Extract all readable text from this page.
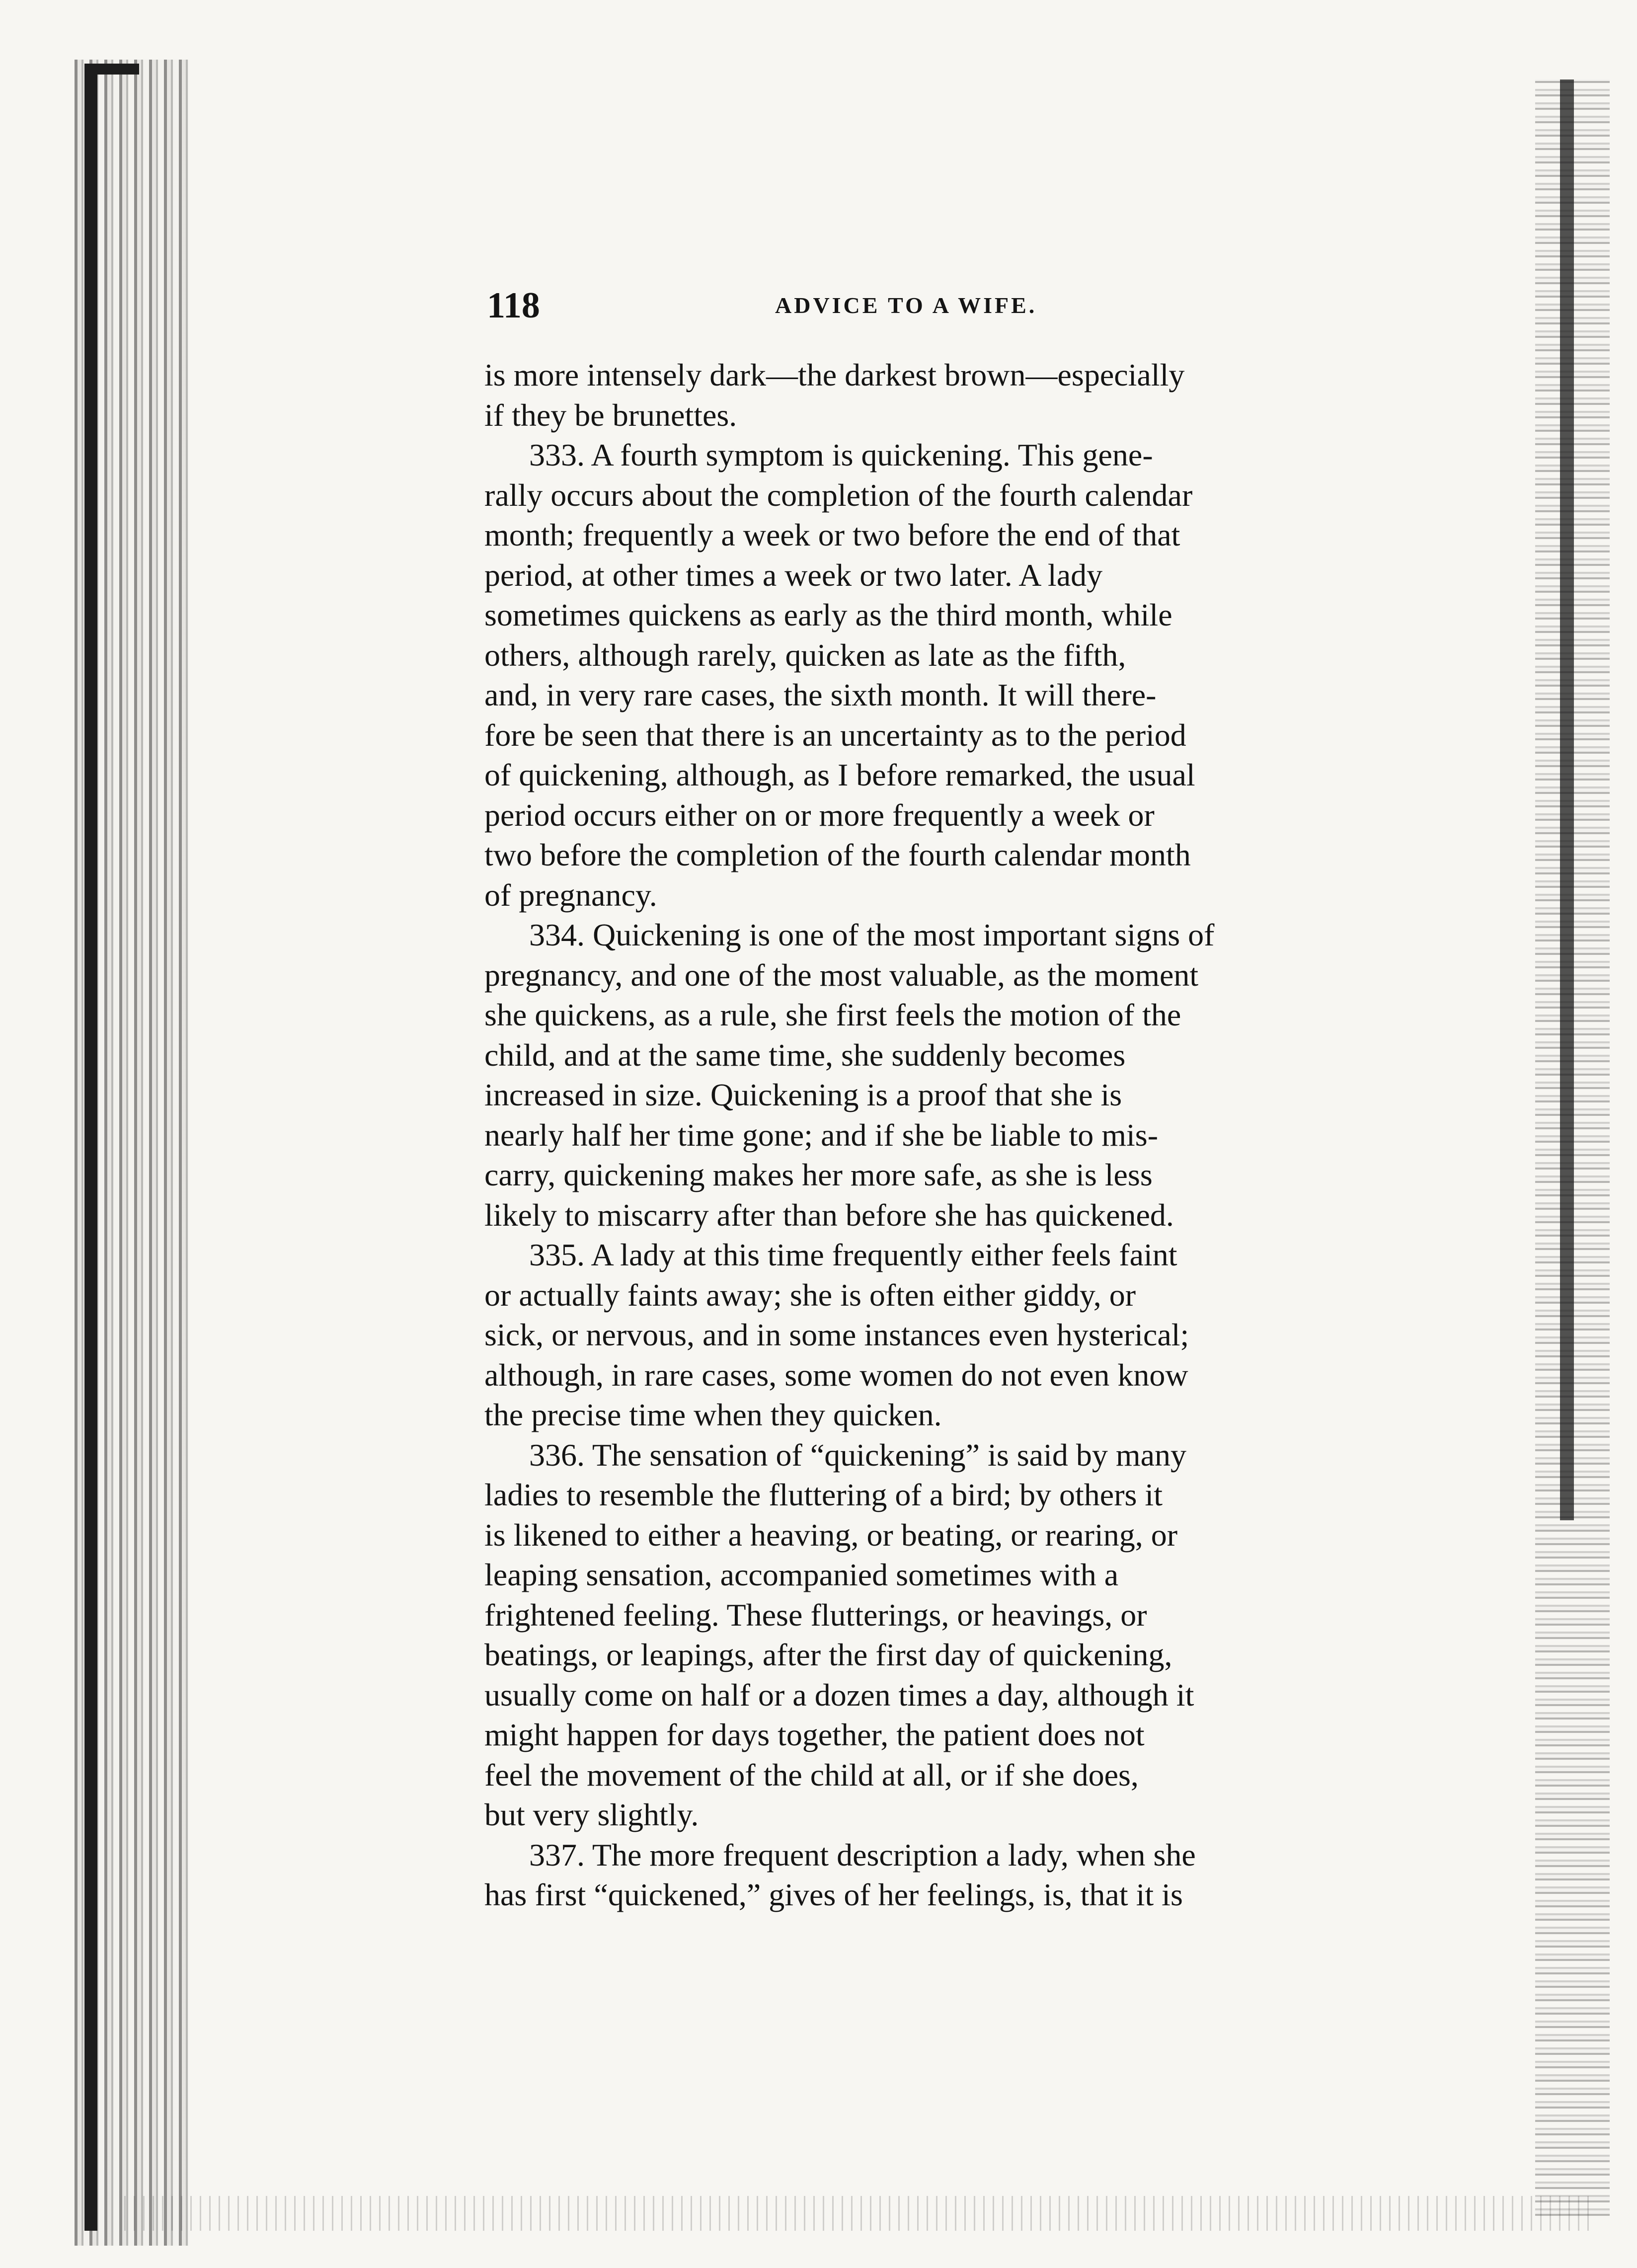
118	ADVICE TO A WIFE.
is more intensely dark—the darkest brown—especially
if they be brunettes.
333. A fourth symptom is quickening. This gene-
rally occurs about the completion of the fourth calendar
month; frequently a week or two before the end of that
period, at other times a week or two later. A lady
sometimes quickens as early as the third month, while
others, although rarely, quicken as late as the fifth,
and, in very rare cases, the sixth month. It will there-
fore be seen that there is an uncertainty as to the period
of quickening, although, as I before remarked, the usual
period occurs either on or more frequently a week or
two before the completion of the fourth calendar month
of pregnancy.
334. Quickening is one of the most important signs of
pregnancy, and one of the most valuable, as the moment
she quickens, as a rule, she first feels the motion of the
child, and at the same time, she suddenly becomes
increased in size. Quickening is a proof that she is
nearly half her time gone; and if she be liable to mis-
carry, quickening makes her more safe, as she is less
likely to miscarry after than before she has quickened.
335. A lady at this time frequently either feels faint
or actually faints away; she is often either giddy, or
sick, or nervous, and in some instances even hysterical;
although, in rare cases, some women do not even know
the precise time when they quicken.
336. The sensation of “quickening” is said by many
ladies to resemble the fluttering of a bird; by others it
is likened to either a heaving, or beating, or rearing, or
leaping sensation, accompanied sometimes with a
frightened feeling. These flutterings, or heavings, or
beatings, or leapings, after the first day of quickening,
usually come on half or a dozen times a day, although it
might happen for days together, the patient does not
feel the movement of the child at all, or if she does,
but very slightly.
337. The more frequent description a lady, when she
has first “quickened,” gives of her feelings, is, that it is
